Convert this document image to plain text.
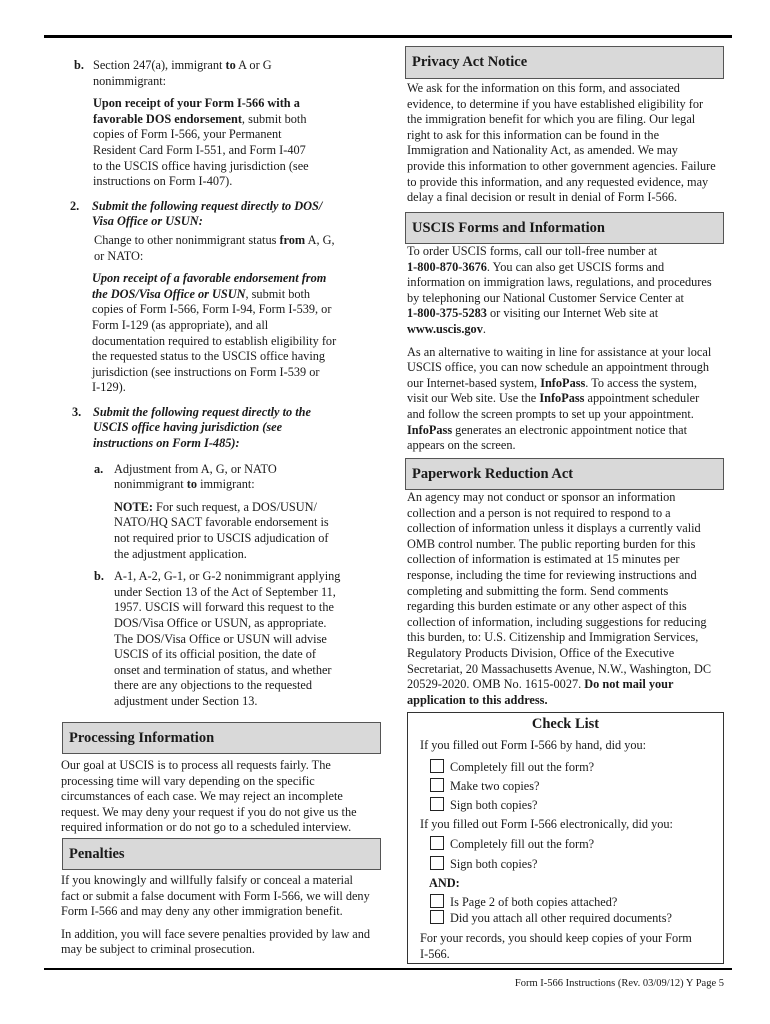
b. Section 247(a), immigrant to A or G

nonimmigrant:

Upon receipt of your Form I-566 with a

favorable DOS endorsement, submit both

copies of Form I-566, your Permanent

Resident Card Form I-551, and Form I-407

to the USCIS office having jurisdiction (see

instructions on Form I-407).

2. Submit the following request directly to DOS/

Visa Office or USUN:

Change to other nonimmigrant status from A, G,

or NATO:

Upon receipt of a favorable endorsement from

the DOS/Visa Office or USUN, submit both

copies of Form I-566, Form I-94, Form I-539, or

Form I-129 (as appropriate), and all

documentation required to establish eligibility for

the requested status to the USCIS office having

jurisdiction (see instructions on Form I-539 or

I-129).

3. Submit the following request directly to the

USCIS office having jurisdiction (see

instructions on Form I-485):

a. Adjustment from A, G, or NATO

nonimmigrant to immigrant:

NOTE: For such request, a DOS/USUN/

NATO/HQ SACT favorable endorsement is

not required prior to USCIS adjudication of

the adjustment application.

b. A-1, A-2, G-1, or G-2 nonimmigrant applying

under Section 13 of the Act of September 11,

1957. USCIS will forward this request to the

DOS/Visa Office or USUN, as appropriate.

The DOS/Visa Office or USUN will advise

USCIS of its official position, the date of

onset and termination of status, and whether

there are any objections to the requested

adjustment under Section 13.

Processing Information

Our goal at USCIS is to process all requests fairly. The

processing time will vary depending on the specific

circumstances of each case. We may reject an incomplete

request. We may deny your request if you do not give us the

required information or do not go to a scheduled interview.

Penalties

If you knowingly and willfully falsify or conceal a material

fact or submit a false document with Form I-566, we will deny

Form I-566 and may deny any other immigration benefit.

In addition, you will face severe penalties provided by law and

may be subject to criminal prosecution.

Privacy Act Notice

We ask for the information on this form, and associated

evidence, to determine if you have established eligibility for

the immigration benefit for which you are filing. Our legal

right to ask for this information can be found in the

Immigration and Nationality Act, as amended. We may

provide this information to other government agencies. Failure

to provide this information, and any requested evidence, may

delay a final decision or result in denial of Form I-566.

USCIS Forms and Information

To order USCIS forms, call our toll-free number at

1-800-870-3676. You can also get USCIS forms and

information on immigration laws, regulations, and procedures

by telephoning our National Customer Service Center at

1-800-375-5283 or visiting our Internet Web site at

www.uscis.gov.

As an alternative to waiting in line for assistance at your local

USCIS office, you can now schedule an appointment through

our Internet-based system, InfoPass. To access the system,

visit our Web site. Use the InfoPass appointment scheduler

and follow the screen prompts to set up your appointment.

InfoPass generates an electronic appointment notice that

appears on the screen.

Paperwork Reduction Act

An agency may not conduct or sponsor an information

collection and a person is not required to respond to a

collection of information unless it displays a currently valid

OMB control number. The public reporting burden for this

collection of information is estimated at 15 minutes per

response, including the time for reviewing instructions and

completing and submitting the form. Send comments

regarding this burden estimate or any other aspect of this

collection of information, including suggestions for reducing

this burden, to: U.S. Citizenship and Immigration Services,

Regulatory Products Division, Office of the Executive

Secretariat, 20 Massachusetts Avenue, N.W., Washington, DC

20529-2020. OMB No. 1615-0027. Do not mail your

application to this address.

Check List
If you filled out Form I-566 by hand, did you:
Completely fill out the form?
Make two copies?
Sign both copies?
If you filled out Form I-566 electronically, did you:
Completely fill out the form?
Sign both copies?
AND:
Is Page 2 of both copies attached?
Did you attach all other required documents?

For your records, you should keep copies of your Form

I-566.

Form I-566 Instructions (Rev. 03/09/12) Y Page 5
